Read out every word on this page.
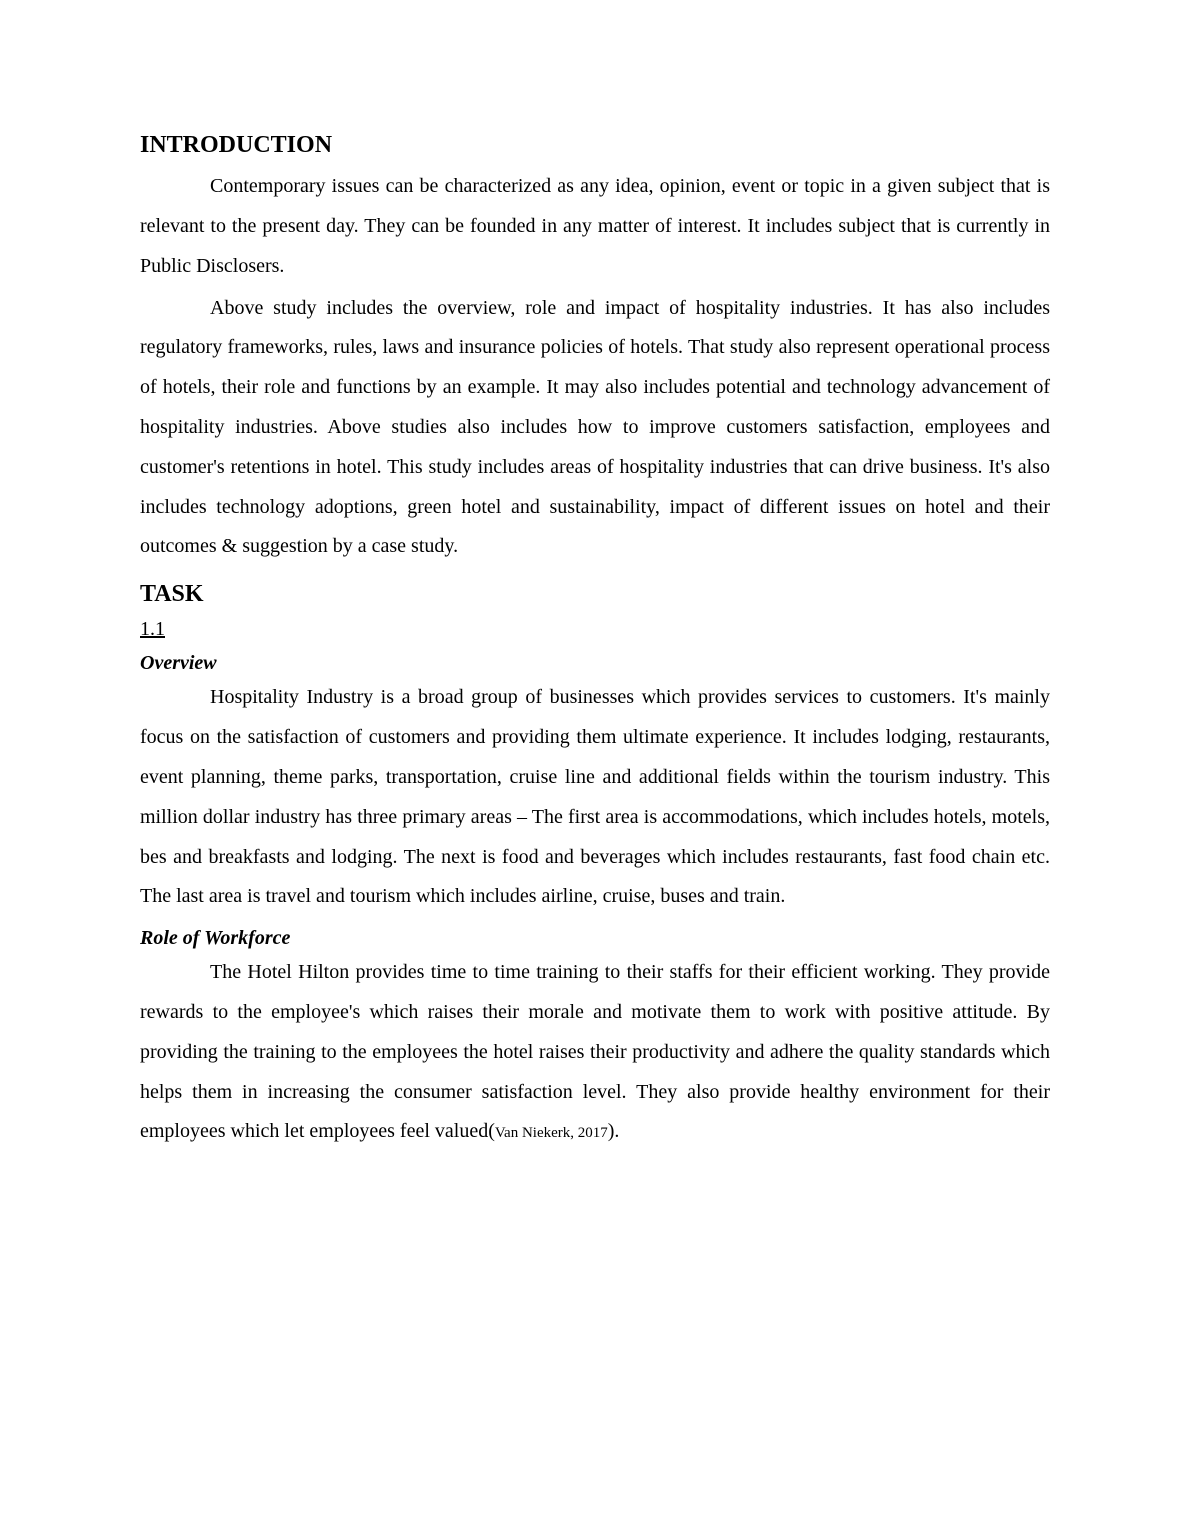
INTRODUCTION

Contemporary issues can be characterized as any idea, opinion, event or topic in a given subject that is relevant to the present day. They can be founded in any matter of interest. It includes subject that is currently in Public Disclosers.

Above study includes the overview, role and impact of hospitality industries. It has also includes regulatory frameworks, rules, laws and insurance policies of hotels. That study also represent operational process of hotels, their role and functions by an example. It may also includes potential and technology advancement of hospitality industries. Above studies also includes how to improve customers satisfaction, employees and customer's retentions in hotel. This study includes areas of hospitality industries that can drive business. It's also includes technology adoptions, green hotel and sustainability, impact of different issues on hotel and their outcomes & suggestion by a case study.

TASK
1.1
Overview

Hospitality Industry is a broad group of businesses which provides services to customers. It's mainly focus on the satisfaction of customers and providing them ultimate experience. It includes lodging, restaurants, event planning, theme parks, transportation, cruise line and additional fields within the tourism industry. This million dollar industry has three primary areas – The first area is accommodations, which includes hotels, motels, bes and breakfasts and lodging. The next is food and beverages which includes restaurants, fast food chain etc. The last area is travel and tourism which includes airline, cruise, buses and train.

Role of Workforce

The Hotel Hilton provides time to time training to their staffs for their efficient working. They provide rewards to the employee's which raises their morale and motivate them to work with positive attitude. By providing the training to the employees the hotel raises their productivity and adhere the quality standards which helps them in increasing the consumer satisfaction level. They also provide healthy environment for their employees which let employees feel valued(Van Niekerk, 2017).
